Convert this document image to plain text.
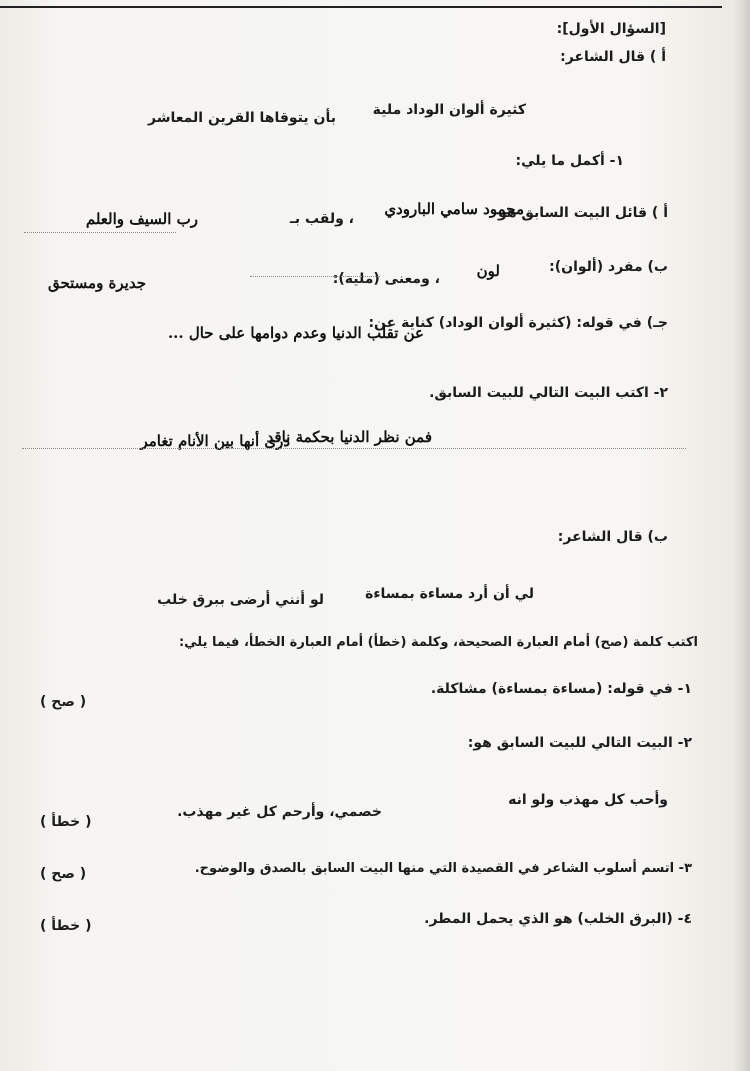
[السؤال الأول]:
أ ) قال الشاعر:
كثيرة ألوان الوداد ملية
بأن يتوقاها القرين المعاشر
١- أكمل ما يلي:
أ ) قائل البيت السابق هو
محمود سامي البارودي
، ولقب بـ
رب السيف والعلم
ب) مفرد (ألوان):
لون
، ومعنى (ملية):
جديرة ومستحق
جـ) في قوله: (كثيرة ألوان الوداد) كناية عن:
عن تقلب الدنيا وعدم دوامها على حال ...
٢- اكتب البيت التالي للبيت السابق.
فمن نظر الدنيا بحكمة ناقد
درى أنها بين الأنام تغامر
ب) قال الشاعر:
لي أن أرد مساءة بمساءة
لو أنني أرضى ببرق خلب
اكتب كلمة (صح) أمام العبارة الصحيحة، وكلمة (خطأ) أمام العبارة الخطأ، فيما يلي:
١- في قوله: (مساءة بمساءة) مشاكلة.
( صح )
٢- البيت التالي للبيت السابق هو:
وأحب كل مهذب ولو انه
خصمي، وأرحم كل غير مهذب.
( خطأ )
٣- اتسم أسلوب الشاعر في القصيدة التي منها البيت السابق بالصدق والوضوح.
( صح )
٤- (البرق الخلب) هو الذي يحمل المطر.
( خطأ )
